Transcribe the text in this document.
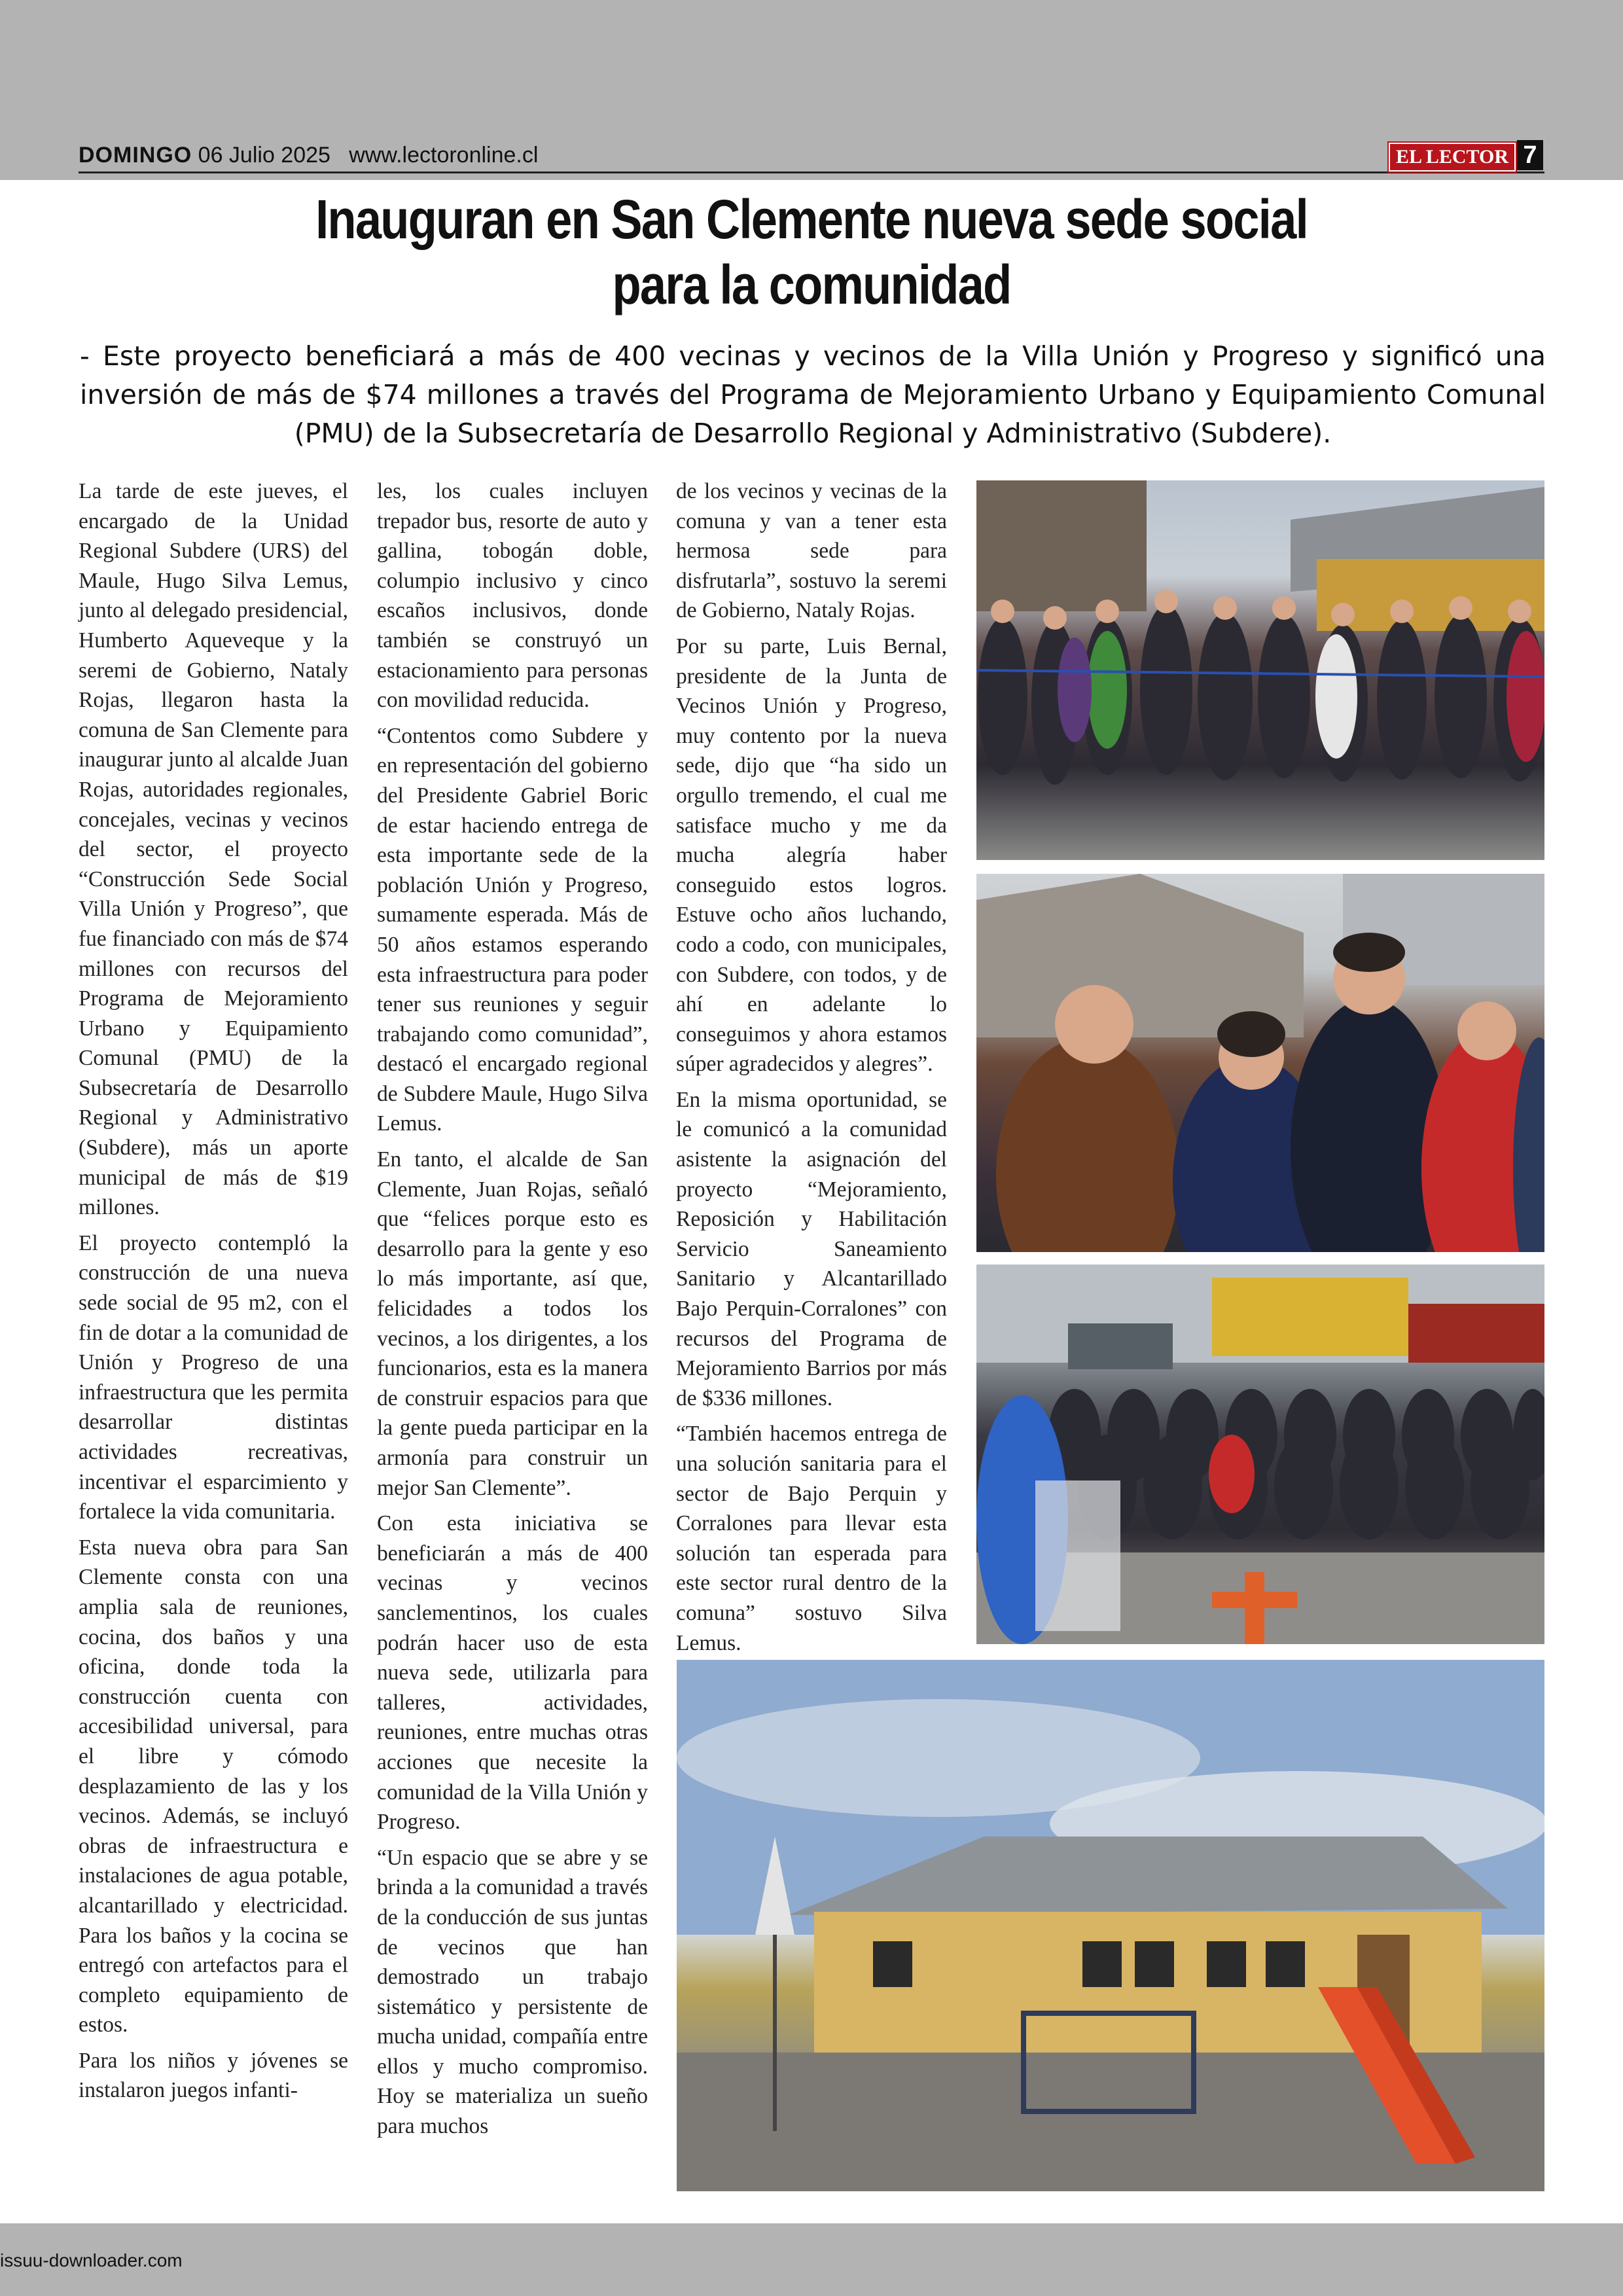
DOMINGO 06 Julio 2025 www.lectoronline.cl	EL LECTOR 7
Inauguran en San Clemente nueva sede social
para la comunidad
- Este proyecto beneficiará a más de 400 vecinas y vecinos de la Villa Unión y Progreso y significó una inversión de más de $74 millones a través del Programa de Mejoramiento Urbano y Equipamiento Comunal (PMU) de la Subsecretaría de Desarrollo Regional y Administrativo (Subdere).

La tarde de este jueves, el encargado de la Unidad Regional Subdere (URS) del Maule, Hugo Silva Lemus, junto al delegado presidencial, Humberto Aqueveque y la seremi de Gobierno, Nataly Rojas, llegaron hasta la comuna de San Clemente para inaugurar junto al alcalde Juan Rojas, autoridades regionales, concejales, vecinas y vecinos del sector, el proyecto “Construcción Sede Social Villa Unión y Progreso”, que fue financiado con más de $74 millones con recursos del Programa de Mejoramiento Urbano y Equipamiento Comunal (PMU) de la Subsecretaría de Desarrollo Regional y Administrativo (Subdere), más un aporte municipal de más de $19 millones.

El proyecto contempló la construcción de una nueva sede social de 95 m2, con el fin de dotar a la comunidad de Unión y Progreso de una infraestructura que les permita desarrollar distintas actividades recreativas, incentivar el esparcimiento y fortalece la vida comunitaria.

Esta nueva obra para San Clemente consta con una amplia sala de reuniones, cocina, dos baños y una oficina, donde toda la construcción cuenta con accesibilidad universal, para el libre y cómodo desplazamiento de las y los vecinos. Además, se incluyó obras de infraestructura e instalaciones de agua potable, alcantarillado y electricidad. Para los baños y la cocina se entregó con artefactos para el completo equipamiento de estos.

Para los niños y jóvenes se instalaron juegos infanti-

les, los cuales incluyen trepador bus, resorte de auto y gallina, tobogán doble, columpio inclusivo y cinco escaños inclusivos, donde también se construyó un estacionamiento para personas con movilidad reducida.

“Contentos como Subdere y en representación del gobierno del Presidente Gabriel Boric de estar haciendo entrega de esta importante sede de la población Unión y Progreso, sumamente esperada. Más de 50 años estamos esperando esta infraestructura para poder tener sus reuniones y seguir trabajando como comunidad”, destacó el encargado regional de Subdere Maule, Hugo Silva Lemus.

En tanto, el alcalde de San Clemente, Juan Rojas, señaló que “felices porque esto es desarrollo para la gente y eso lo más importante, así que, felicidades a todos los vecinos, a los dirigentes, a los funcionarios, esta es la manera de construir espacios para que la gente pueda participar en la armonía para construir un mejor San Clemente”.

Con esta iniciativa se beneficiarán a más de 400 vecinas y vecinos sanclementinos, los cuales podrán hacer uso de esta nueva sede, utilizarla para talleres, actividades, reuniones, entre muchas otras acciones que necesite la comunidad de la Villa Unión y Progreso.

“Un espacio que se abre y se brinda a la comunidad a través de la conducción de sus juntas de vecinos que han demostrado un trabajo sistemático y persistente de mucha unidad, compañía entre ellos y mucho compromiso. Hoy se materializa un sueño para muchos

de los vecinos y vecinas de la comuna y van a tener esta hermosa sede para disfrutarla”, sostuvo la seremi de Gobierno, Nataly Rojas.

Por su parte, Luis Bernal, presidente de la Junta de Vecinos Unión y Progreso, muy contento por la nueva sede, dijo que “ha sido un orgullo tremendo, el cual me satisface mucho y me da mucha alegría haber conseguido estos logros. Estuve ocho años luchando, codo a codo, con municipales, con Subdere, con todos, y de ahí en adelante lo conseguimos y ahora estamos súper agradecidos y alegres”.

En la misma oportunidad, se le comunicó a la comunidad asistente la asignación del proyecto “Mejoramiento, Reposición y Habilitación Servicio Saneamiento Sanitario y Alcantarillado Bajo Perquin-Corralones” con recursos del Programa de Mejoramiento Barrios por más de $336 millones.

“También hacemos entrega de una solución sanitaria para el sector de Bajo Perquin y Corralones para llevar esta solución tan esperada para este sector rural dentro de la comuna” sostuvo Silva Lemus.

issuu-downloader.com
